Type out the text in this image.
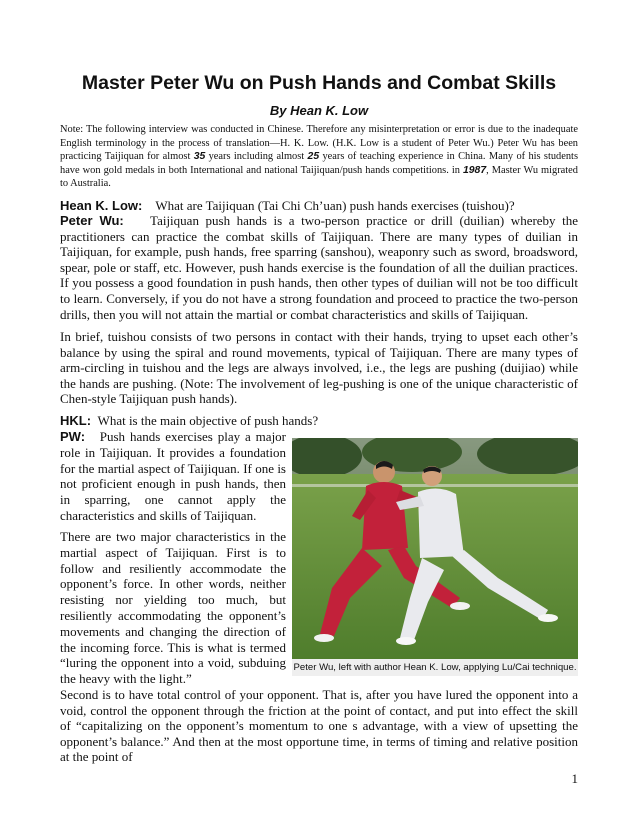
Master Peter Wu on Push Hands and Combat Skills
By Hean K. Low
Note: The following interview was conducted in Chinese. Therefore any misinterpretation or error is due to the inadequate English terminology in the process of translation—H. K. Low. (H.K. Low is a student of Peter Wu.) Peter Wu has been practicing Taijiquan for almost 35 years including almost 25 years of teaching experience in China. Many of his students have won gold medals in both International and national Taijiquan/push hands competitions. in 1987, Master Wu migrated to Australia.
Hean K. Low: What are Taijiquan (Tai Chi Ch’uan) push hands exercises (tuishou)?
Peter Wu: Taijiquan push hands is a two-person practice or drill (duilian) whereby the practitioners can practice the combat skills of Taijiquan. There are many types of duilian in Taijiquan, for example, push hands, free sparring (sanshou), weaponry such as sword, broadsword, spear, pole or staff, etc. However, push hands exercise is the foundation of all the duilian practices. If you possess a good foundation in push hands, then other types of duilian will not be too difficult to learn. Conversely, if you do not have a strong foundation and proceed to practice the two-person drills, then you will not attain the martial or combat characteristics and skills of Taijiquan.
In brief, tuishou consists of two persons in contact with their hands, trying to upset each other’s balance by using the spiral and round movements, typical of Taijiquan. There are many types of arm-circling in tuishou and the legs are always involved, i.e., the legs are pushing (duijiao) while the hands are pushing. (Note: The involvement of leg-pushing is one of the unique characteristic of Chen-style Taijiquan push hands).
HKL: What is the main objective of push hands?
PW: Push hands exercises play a major role in Taijiquan. It provides a foundation for the martial aspect of Taijiquan. If one is not proficient enough in push hands, then in sparring, one cannot apply the characteristics and skills of Taijiquan.
There are two major characteristics in the martial aspect of Taijiquan. First is to follow and resiliently accommodate the opponent’s force. In other words, neither resisting nor yielding too much, but resiliently accommodating the opponent’s movements and changing the direction of the incoming force. This is what is termed “luring the opponent into a void, subduing the heavy with the light.”
Peter Wu, left with author Hean K. Low, applying Lu/Cai technique.
Second is to have total control of your opponent. That is, after you have lured the opponent into a void, control the opponent through the friction at the point of contact, and put into effect the skill of “capitalizing on the opponent’s momentum to one s advantage, with a view of upsetting the opponent’s balance.” And then at the most opportune time, in terms of timing and relative position at the point of
1
